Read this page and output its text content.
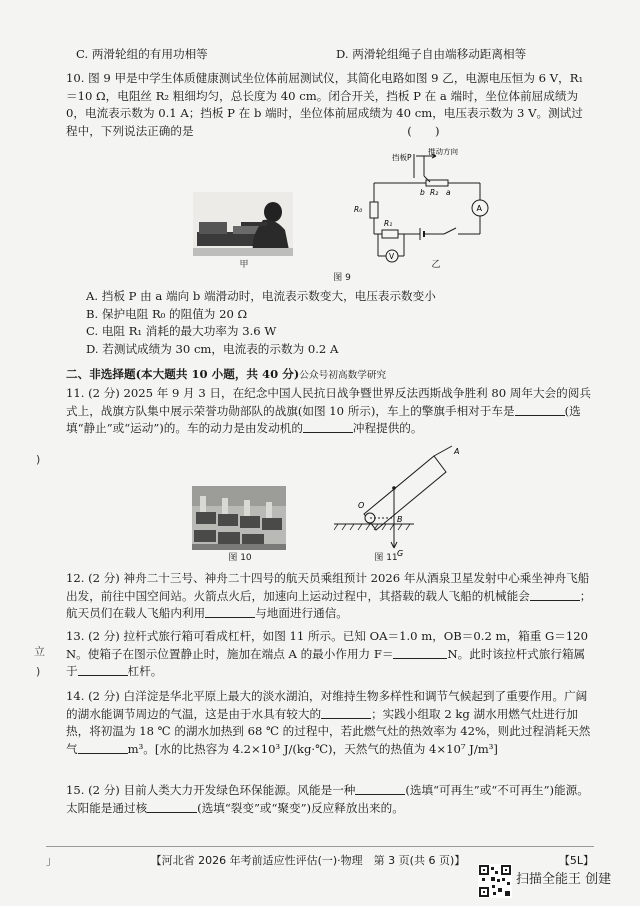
C. 两滑轮组的有用功相等	D. 两滑轮组绳子自由端移动距离相等

10. 图 9 甲是中学生体质健康测试坐位体前屈测试仪，其简化电路如图 9 乙，电源电压恒为 6 V，R₁＝10 Ω，电阻丝 R₂ 粗细均匀，总长度为 40 cm。闭合开关，挡板 P 在 a 端时，坐位体前屈成绩为 0，电流表示数为 0.1 A；挡板 P 在 b 端时，坐位体前屈成绩为 40 cm，电压表示数为 3 V。测试过程中，下列说法正确的是	(　　)

甲
挡板P
推动方向
b R₂ a
R₀
R₁
A
V
乙
图 9
A. 挡板 P 由 a 端向 b 端滑动时，电流表示数变大，电压表示数变小
B. 保护电阻 R₀ 的阻值为 20 Ω
C. 电阻 R₁ 消耗的最大功率为 3.6 W
D. 若测试成绩为 30 cm，电流表的示数为 0.2 A
二、非选择题(本大题共 10 小题，共 40 分)公众号初高数学研究

11. (2 分) 2025 年 9 月 3 日，在纪念中国人民抗日战争暨世界反法西斯战争胜利 80 周年大会的阅兵式上，战旗方队集中展示荣誉功勋部队的战旗(如图 10 所示)，车上的擎旗手相对于车是	(选填“静止”或“运动”)的。车的动力是由发动机的	冲程提供的。

图 10
A
O
B
G
图 11

12. (2 分) 神舟二十三号、神舟二十四号的航天员乘组预计 2026 年从酒泉卫星发射中心乘坐神舟飞船出发，前往中国空间站。火箭点火后，加速向上运动过程中，其搭载的载人飞船的机械能会	；航天员们在载人飞船内利用	与地面进行通信。

13. (2 分) 拉杆式旅行箱可看成杠杆，如图 11 所示。已知 OA＝1.0 m，OB＝0.2 m，箱重 G＝120 N。使箱子在图示位置静止时，施加在端点 A 的最小作用力 F＝	N。此时该拉杆式旅行箱属于	杠杆。

14. (2 分) 白洋淀是华北平原上最大的淡水湖泊，对维持生物多样性和调节气候起到了重要作用。广阔的湖水能调节周边的气温，这是由于水具有较大的	；实践小组取 2 kg 湖水用燃气灶进行加热，将初温为 18 ℃ 的湖水加热到 68 ℃ 的过程中，若此燃气灶的热效率为 42%，则此过程消耗天然气	m³。[水的比热容为 4.2×10³ J/(kg·℃)，天然气的热值为 4×10⁷ J/m³]

15. (2 分) 目前人类大力开发绿色环保能源。风能是一种	(选填“可再生”或“不可再生”)能源。太阳能是通过核	(选填“裂变”或“聚变”)反应释放出来的。

)
立
)
」	【河北省 2026 年考前适应性评估(一)·物理　第 3 页(共 6 页)】	【5L】
扫描全能王 创建
